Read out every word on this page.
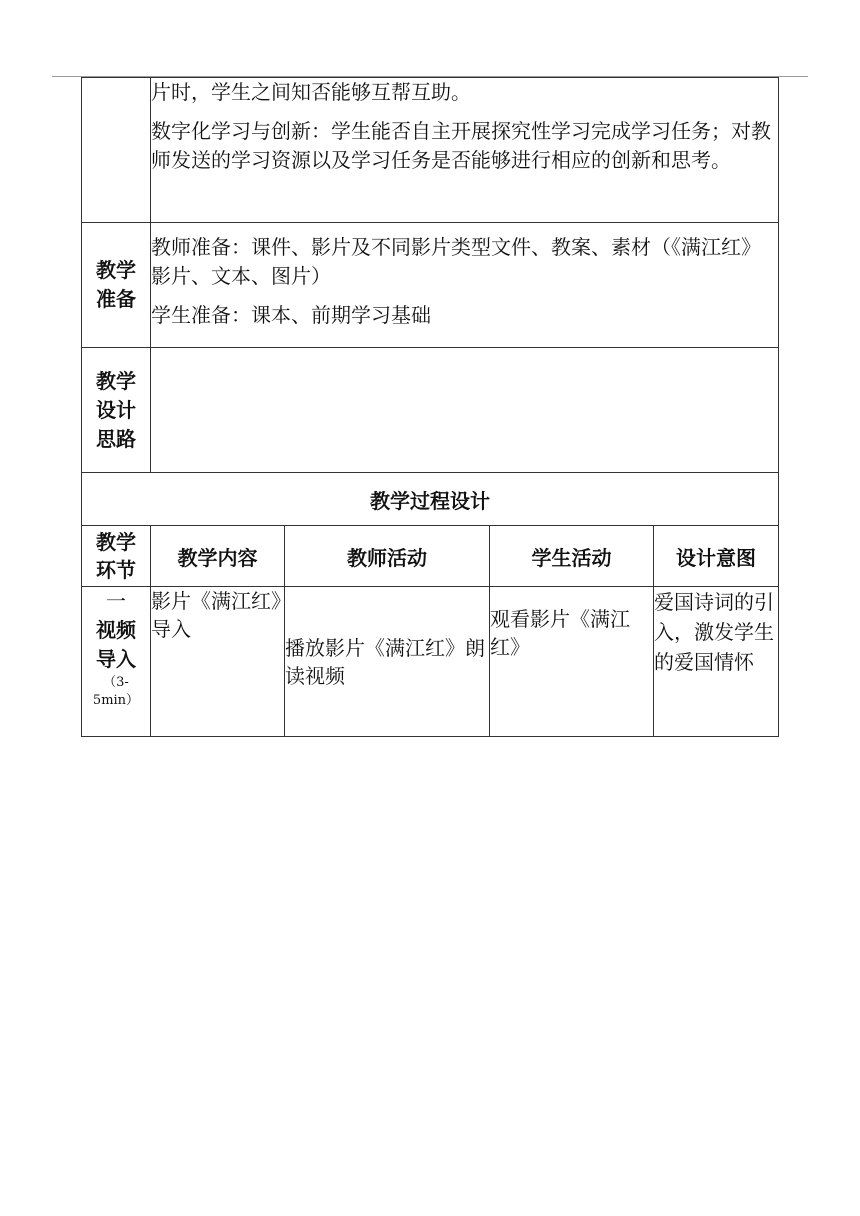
	片时，学生之间知否能够互帮互助。

数字化学习与创新：学生能否自主开展探究性学习完成学习任务；对教师发送的学习资源以及学习任务是否能够进行相应的创新和思考。			

教学准备	教师准备：课件、影片及不同影片类型文件、教案、素材（《满江红》影片、文本、图片）

学生准备：课本、前期学习基础			

教学设计思路				
教学过程设计				
教学环节	教学内容	教师活动	学生活动	设计意图

一
视频导入
（3-5min）	影片《满江红》导入	播放影片《满江红》朗读视频	观看影片《满江红》	爱国诗词的引入，激发学生的爱国情怀
